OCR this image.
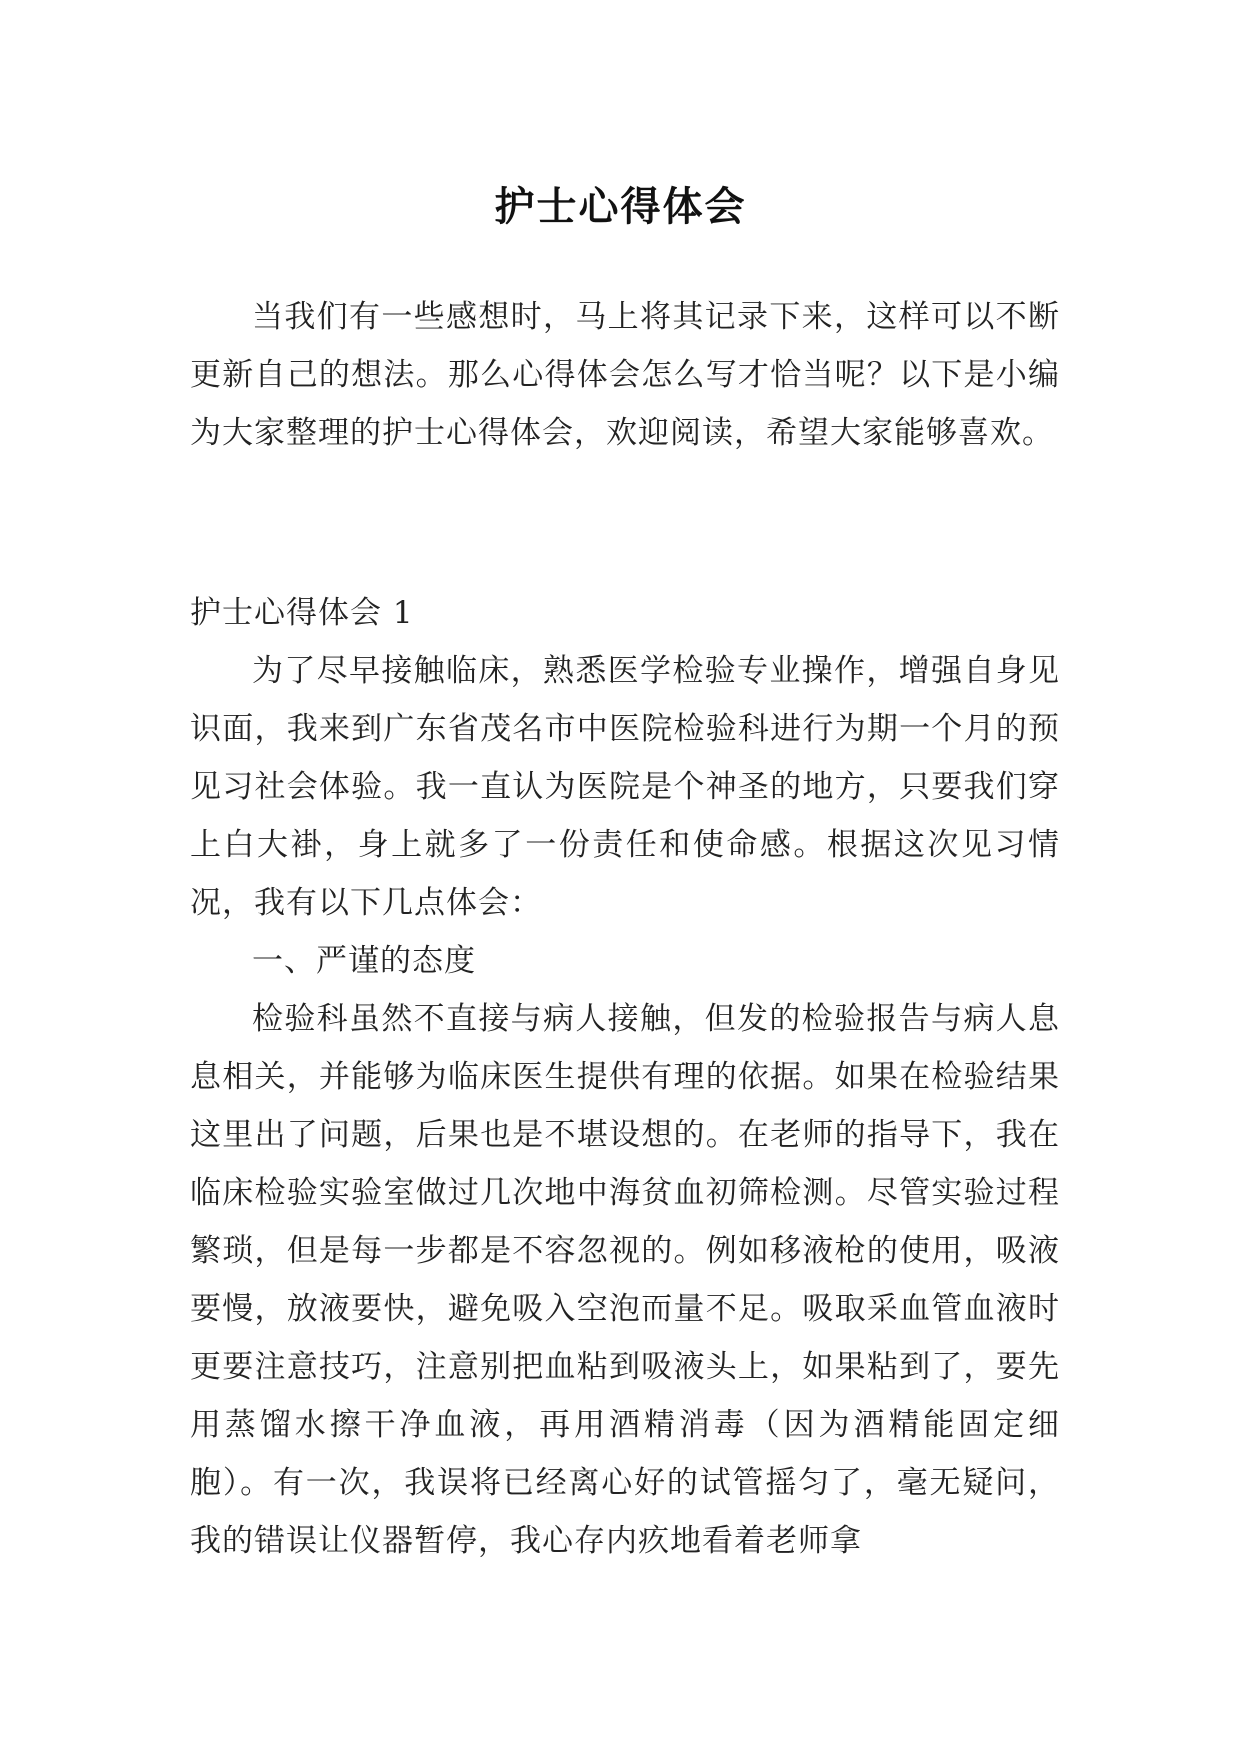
护士心得体会

当我们有一些感想时，马上将其记录下来，这样可以不断更新自己的想法。那么心得体会怎么写才恰当呢？以下是小编为大家整理的护士心得体会，欢迎阅读，希望大家能够喜欢。

护士心得体会 1

为了尽早接触临床，熟悉医学检验专业操作，增强自身见识面，我来到广东省茂名市中医院检验科进行为期一个月的预见习社会体验。我一直认为医院是个神圣的地方，只要我们穿上白大褂，身上就多了一份责任和使命感。根据这次见习情况，我有以下几点体会：

一、严谨的态度

检验科虽然不直接与病人接触，但发的检验报告与病人息息相关，并能够为临床医生提供有理的依据。如果在检验结果这里出了问题，后果也是不堪设想的。在老师的指导下，我在临床检验实验室做过几次地中海贫血初筛检测。尽管实验过程繁琐，但是每一步都是不容忽视的。例如移液枪的使用，吸液要慢，放液要快，避免吸入空泡而量不足。吸取采血管血液时更要注意技巧，注意别把血粘到吸液头上，如果粘到了，要先用蒸馏水擦干净血液，再用酒精消毒（因为酒精能固定细胞）。有一次，我误将已经离心好的试管摇匀了，毫无疑问，我的错误让仪器暂停，我心存内疚地看着老师拿
